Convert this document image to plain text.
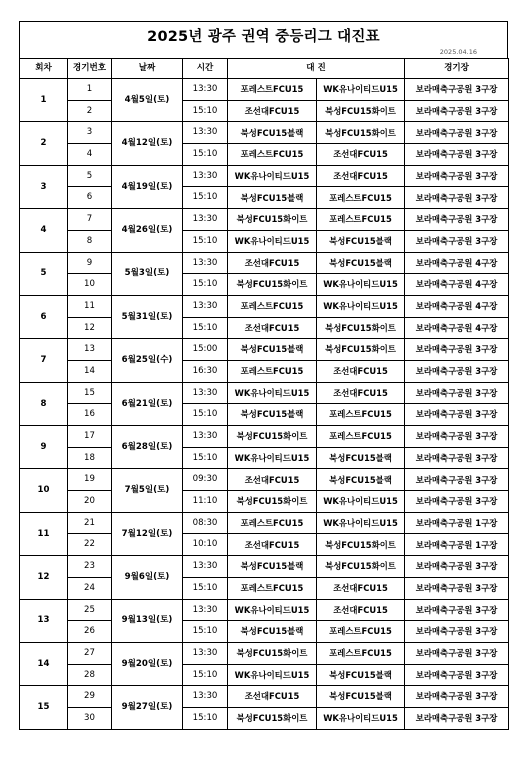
2025년 광주 권역 중등리그 대진표
2025.04.16
회차	경기번호	날짜	시간	대 진		경기장
1	1	4월5일(토)	13:30	포레스트FCU15	WK유나이티드U15	보라매축구공원 3구장
	2		15:10	조선대FCU15	북성FCU15화이트	보라매축구공원 3구장
2	3	4월12일(토)	13:30	북성FCU15블랙	북성FCU15화이트	보라매축구공원 3구장
	4		15:10	포레스트FCU15	조선대FCU15	보라매축구공원 3구장
3	5	4월19일(토)	13:30	WK유나이티드U15	조선대FCU15	보라매축구공원 3구장
	6		15:10	북성FCU15블랙	포레스트FCU15	보라매축구공원 3구장
4	7	4월26일(토)	13:30	북성FCU15화이트	포레스트FCU15	보라매축구공원 3구장
	8		15:10	WK유나이티드U15	북성FCU15블랙	보라매축구공원 3구장
5	9	5월3일(토)	13:30	조선대FCU15	북성FCU15블랙	보라매축구공원 4구장
	10		15:10	북성FCU15화이트	WK유나이티드U15	보라매축구공원 4구장
6	11	5월31일(토)	13:30	포레스트FCU15	WK유나이티드U15	보라매축구공원 4구장
	12		15:10	조선대FCU15	북성FCU15화이트	보라매축구공원 4구장
7	13	6월25일(수)	15:00	북성FCU15블랙	북성FCU15화이트	보라매축구공원 3구장
	14		16:30	포레스트FCU15	조선대FCU15	보라매축구공원 3구장
8	15	6월21일(토)	13:30	WK유나이티드U15	조선대FCU15	보라매축구공원 3구장
	16		15:10	북성FCU15블랙	포레스트FCU15	보라매축구공원 3구장
9	17	6월28일(토)	13:30	북성FCU15화이트	포레스트FCU15	보라매축구공원 3구장
	18		15:10	WK유나이티드U15	북성FCU15블랙	보라매축구공원 3구장
10	19	7월5일(토)	09:30	조선대FCU15	북성FCU15블랙	보라매축구공원 3구장
	20		11:10	북성FCU15화이트	WK유나이티드U15	보라매축구공원 3구장
11	21	7월12일(토)	08:30	포레스트FCU15	WK유나이티드U15	보라매축구공원 1구장
	22		10:10	조선대FCU15	북성FCU15화이트	보라매축구공원 1구장
12	23	9월6일(토)	13:30	북성FCU15블랙	북성FCU15화이트	보라매축구공원 3구장
	24		15:10	포레스트FCU15	조선대FCU15	보라매축구공원 3구장
13	25	9월13일(토)	13:30	WK유나이티드U15	조선대FCU15	보라매축구공원 3구장
	26		15:10	북성FCU15블랙	포레스트FCU15	보라매축구공원 3구장
14	27	9월20일(토)	13:30	북성FCU15화이트	포레스트FCU15	보라매축구공원 3구장
	28		15:10	WK유나이티드U15	북성FCU15블랙	보라매축구공원 3구장
15	29	9월27일(토)	13:30	조선대FCU15	북성FCU15블랙	보라매축구공원 3구장
	30		15:10	북성FCU15화이트	WK유나이티드U15	보라매축구공원 3구장
